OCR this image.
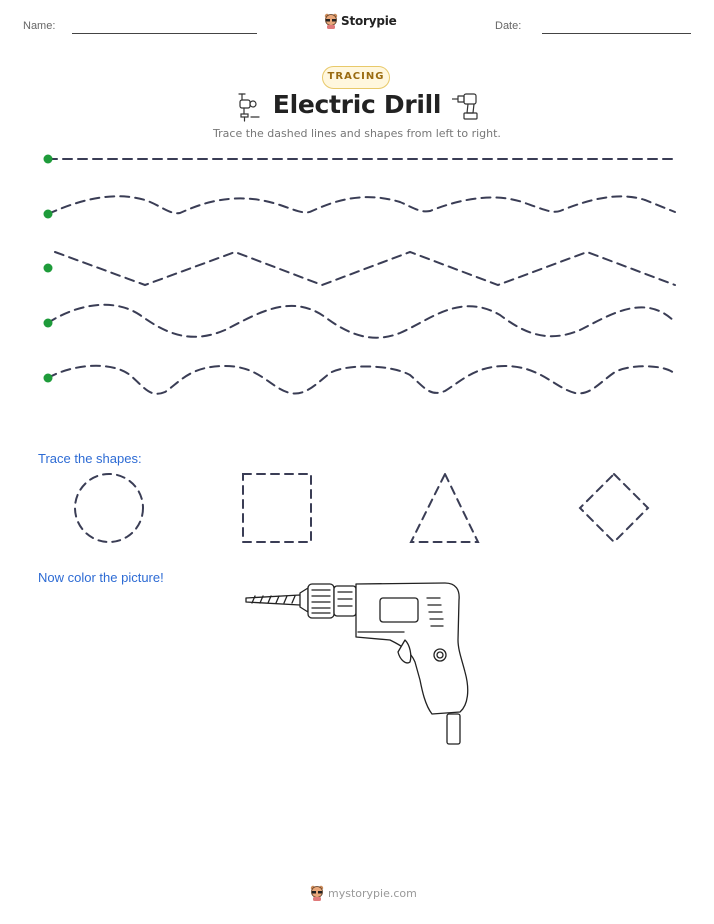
Name:	Storypie	Date:
TRACING
Electric Drill
Trace the dashed lines and shapes from left to right.
Trace the shapes:
Now color the picture!
mystorypie.com
